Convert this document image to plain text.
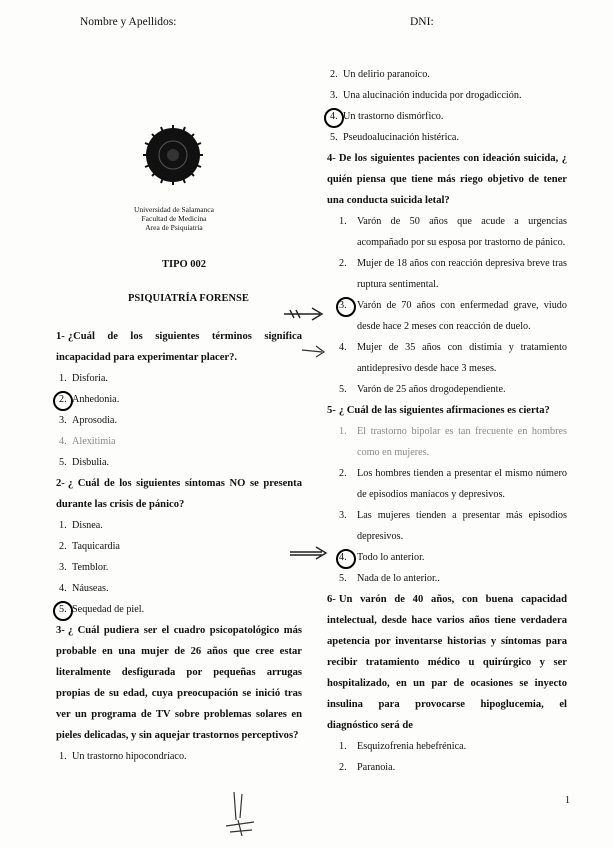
Nombre y Apellidos:	DNI:
Universidad de Salamanca
Facultad de Medicina
Area de Psiquiatria
TIPO 002
PSIQUIATRÍA FORENSE
1- ¿Cuál de los siguientes términos significa incapacidad para experimentar placer?.
1. Disforia.
2. Anhedonia.
3. Aprosodia.
4. Alexitimia
5. Disbulia.
2- ¿ Cuál de los siguientes síntomas NO se presenta durante las crisis de pánico?
1. Disnea.
2. Taquicardia
3. Temblor.
4. Náuseas.
5. Sequedad de piel.
3- ¿ Cuál pudiera ser el cuadro psicopatológico más probable en una mujer de 26 años que cree estar literalmente desfigurada por pequeñas arrugas propias de su edad, cuya preocupación se inició tras ver un programa de TV sobre problemas solares en pieles delicadas, y sin aquejar trastornos perceptivos?
1. Un trastorno hipocondríaco.
2. Un delirio paranoico.
3. Una alucinación inducida por drogadicción.
4. Un trastorno dismórfico.
5. Pseudoalucinación histérica.
4- De los siguientes pacientes con ideación suicida, ¿ quién piensa que tiene más riego objetivo de tener una conducta suicida letal?
1. Varón de 50 años que acude a urgencias acompañado por su esposa por trastorno de pánico.
2. Mujer de 18 años con reacción depresiva breve tras ruptura sentimental.
3. Varón de 70 años con enfermedad grave, viudo desde hace 2 meses con reacción de duelo.
4. Mujer de 35 años con distimia y tratamiento antidepresivo desde hace 3 meses.
5. Varón de 25 años drogodependiente.
5- ¿ Cuál de las siguientes afirmaciones es cierta?
1. El trastorno bipolar es tan frecuente en hombres como en mujeres.
2. Los hombres tienden a presentar el mismo número de episodios maníacos y depresivos.
3. Las mujeres tienden a presentar más episodios depresivos.
4. Todo lo anterior.
5. Nada de lo anterior..
6- Un varón de 40 años, con buena capacidad intelectual, desde hace varios años tiene verdadera apetencia por inventarse historias y síntomas para recibir tratamiento médico u quirúrgico y ser hospitalizado, en un par de ocasiones se inyecto insulina para provocarse hipoglucemia, el diagnóstico será de
1. Esquizofrenia hebefrénica.
2. Paranoia.
1
